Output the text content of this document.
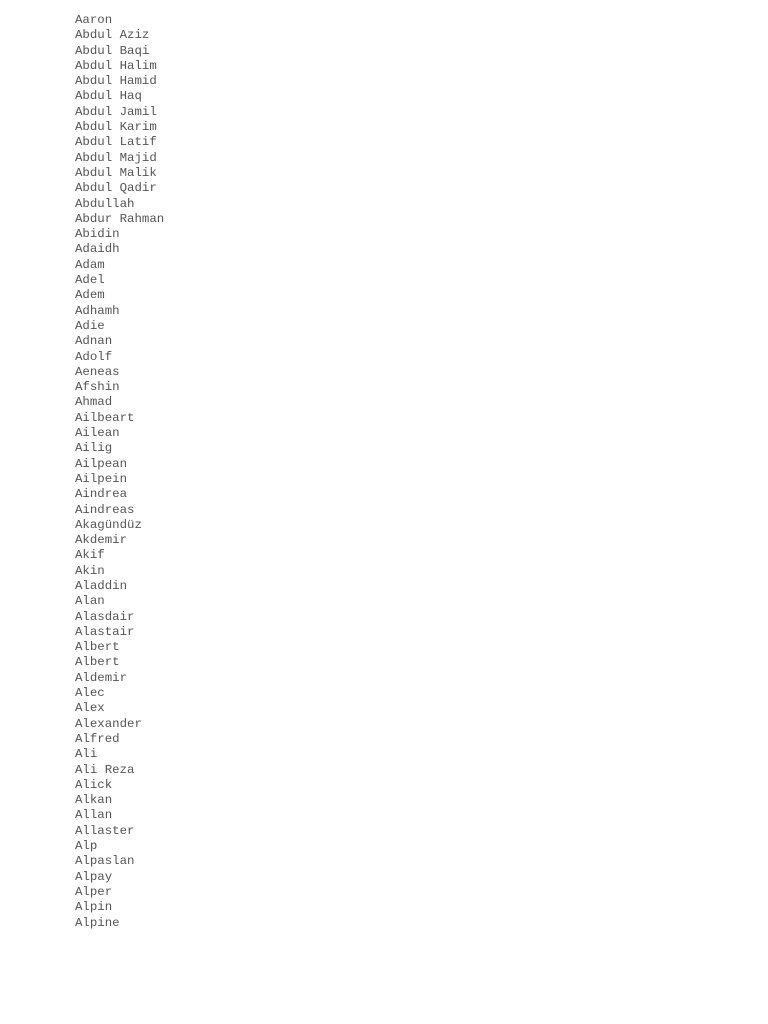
Aaron
Abdul Aziz
Abdul Baqi
Abdul Halim
Abdul Hamid
Abdul Haq
Abdul Jamil
Abdul Karim
Abdul Latif
Abdul Majid
Abdul Malik
Abdul Qadir
Abdullah
Abdur Rahman
Abidin
Adaidh
Adam
Adel
Adem
Adhamh
Adie
Adnan
Adolf
Aeneas
Afshin
Ahmad
Ailbeart
Ailean
Ailig
Ailpean
Ailpein
Aindrea
Aindreas
Akagündüz
Akdemir
Akif
Akin
Aladdin
Alan
Alasdair
Alastair
Albert
Albert
Aldemir
Alec
Alex
Alexander
Alfred
Ali
Ali Reza
Alick
Alkan
Allan
Allaster
Alp
Alpaslan
Alpay
Alper
Alpin
Alpine
